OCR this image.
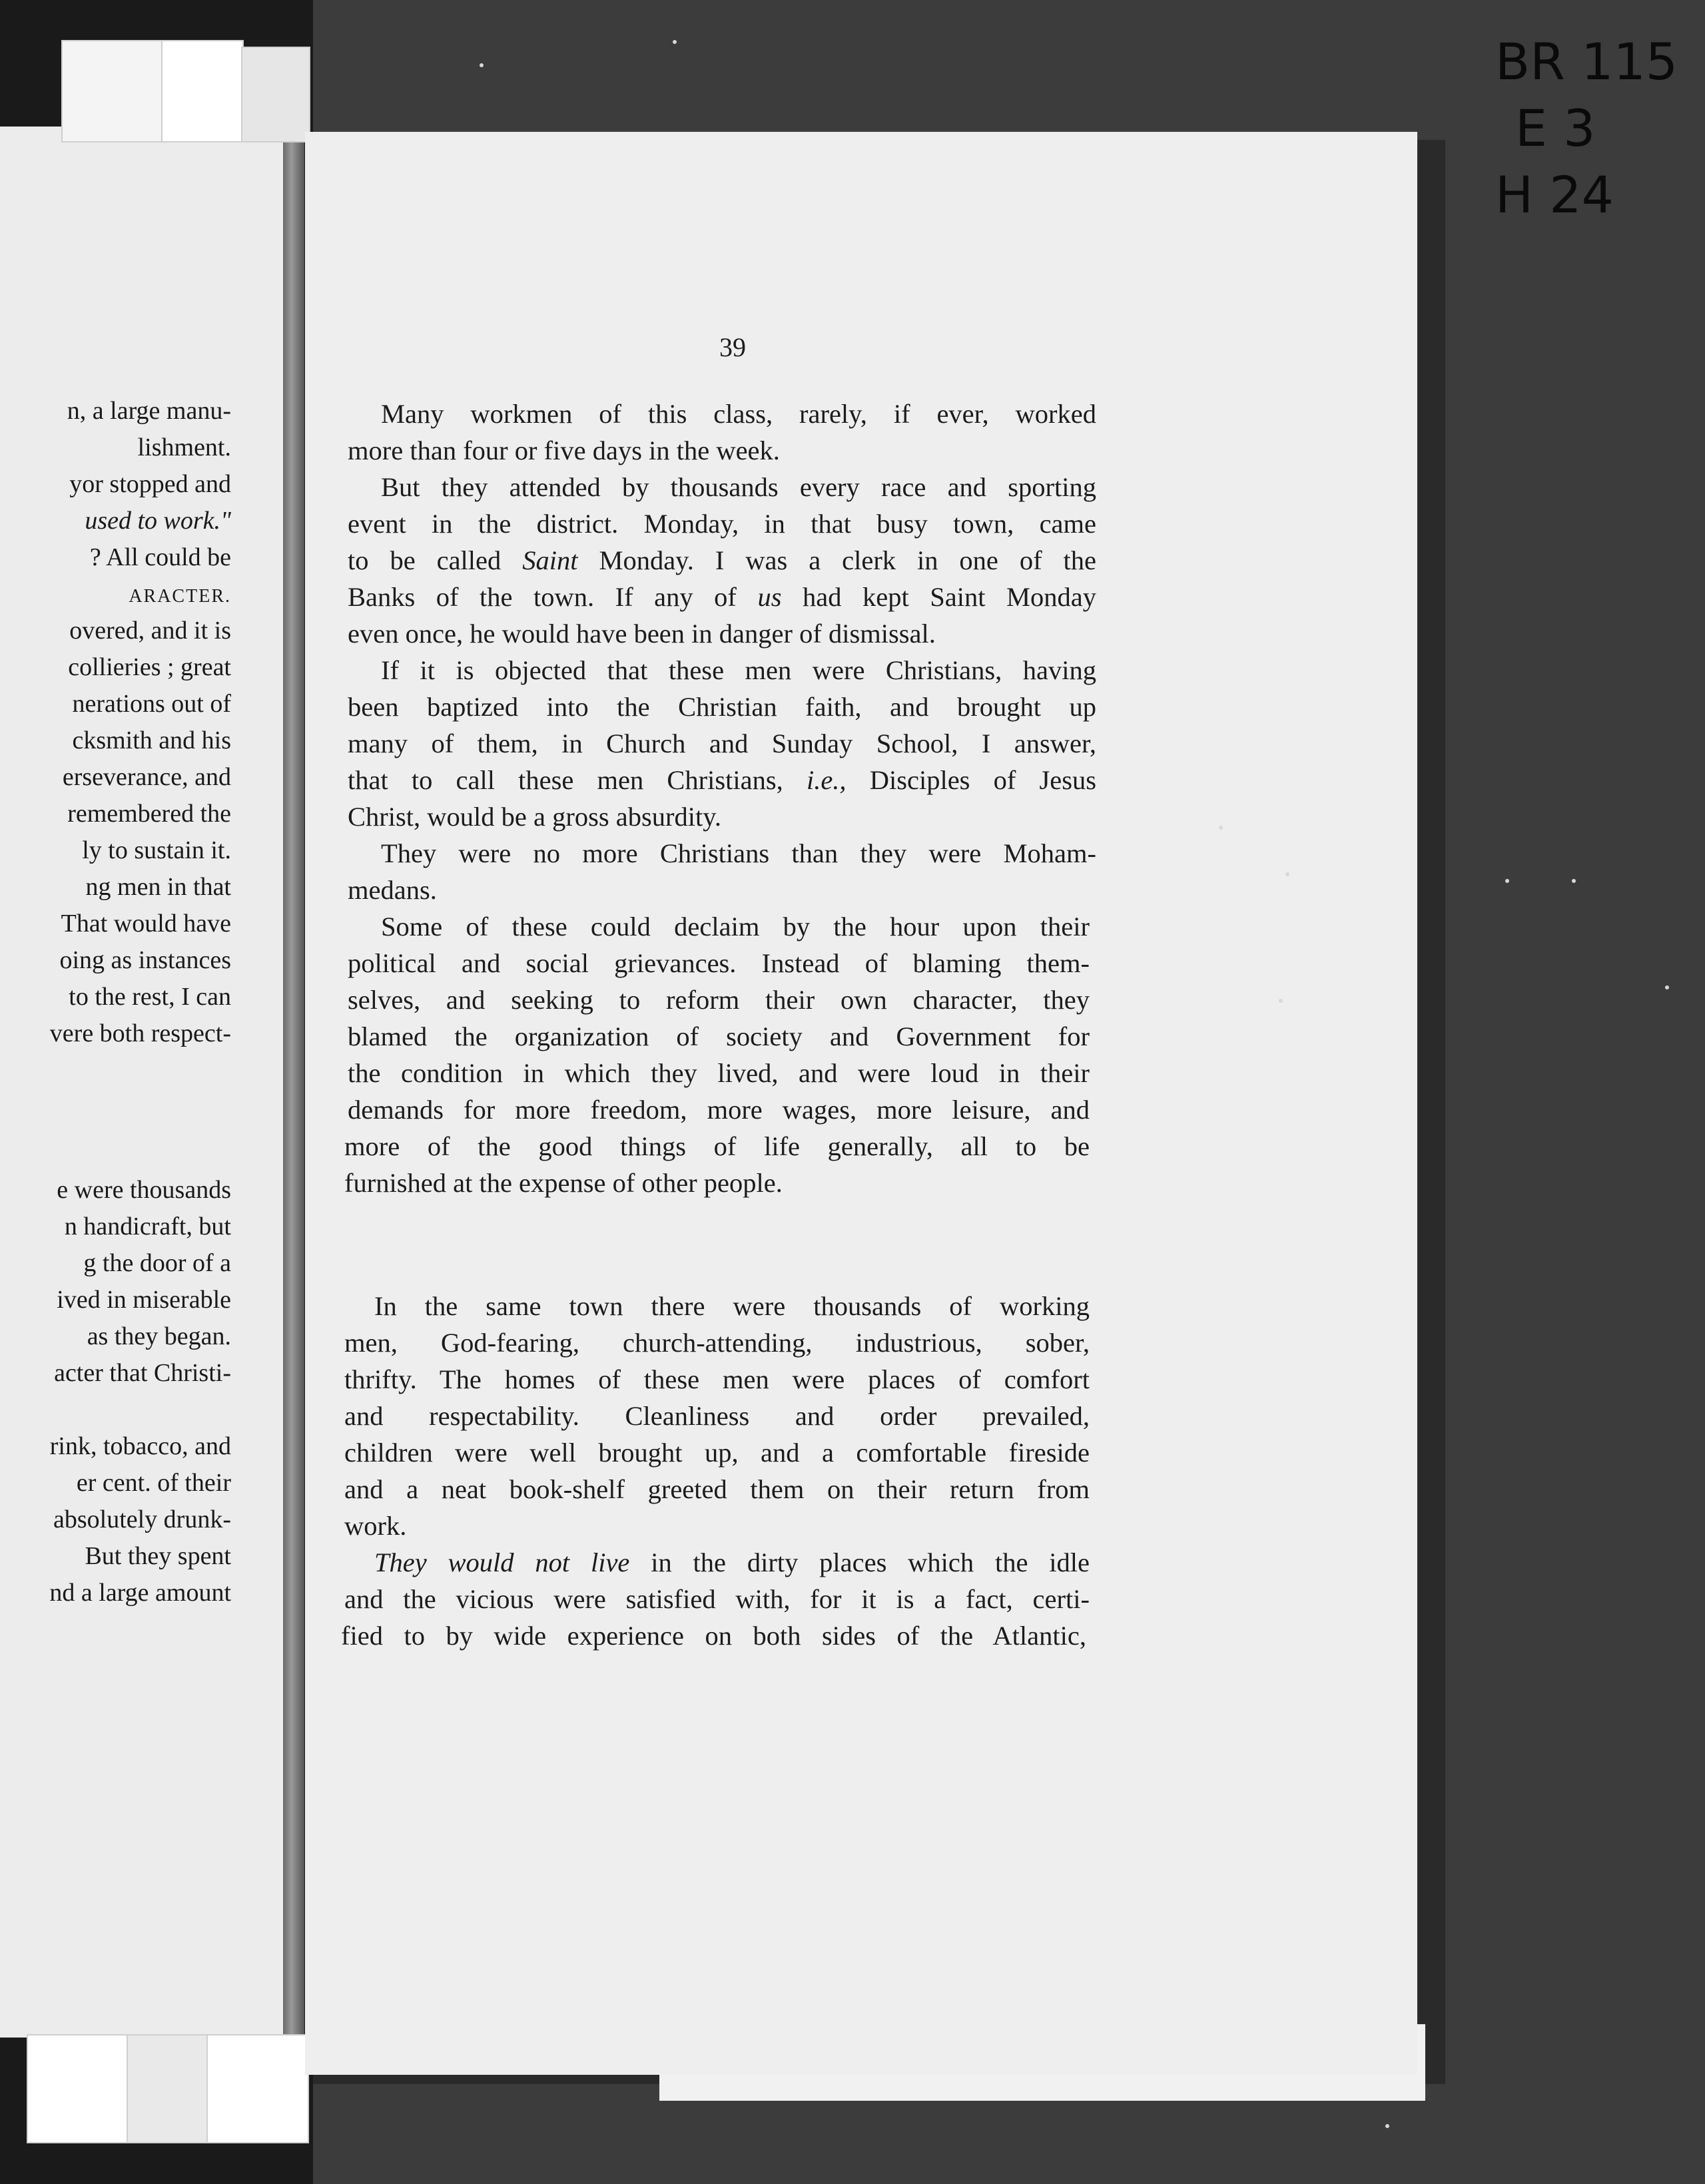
n, a large manu-
lishment.
yor stopped and
used to work."
? All could be
ARACTER.
overed, and it is
collieries ; great
nerations out of
cksmith and his
erseverance, and
remembered the
ly to sustain it.
ng men in that
That would have
oing as instances
to the rest, I can
vere both respect-
e were thousands
n handicraft, but
g the door of a
ived in miserable
as they began.
acter that Christi-
rink, tobacco, and
er cent. of their
absolutely drunk-
But they spent
nd a large amount
39
Many workmen of this class, rarely, if ever, worked
more than four or five days in the week.
But they attended by thousands every race and sporting
event in the district. Monday, in that busy town, came
to be called Saint Monday. I was a clerk in one of the
Banks of the town. If any of us had kept Saint Monday
even once, he would have been in danger of dismissal.
If it is objected that these men were Christians, having
been baptized into the Christian faith, and brought up
many of them, in Church and Sunday School, I answer,
that to call these men Christians, i.e., Disciples of Jesus
Christ, would be a gross absurdity.
They were no more Christians than they were Moham-
medans.
Some of these could declaim by the hour upon their
political and social grievances. Instead of blaming them-
selves, and seeking to reform their own character, they
blamed the organization of society and Government for
the condition in which they lived, and were loud in their
demands for more freedom, more wages, more leisure, and
more of the good things of life generally, all to be
furnished at the expense of other people.
In the same town there were thousands of working
men, God-fearing, church-attending, industrious, sober,
thrifty. The homes of these men were places of comfort
and respectability. Cleanliness and order prevailed,
children were well brought up, and a comfortable fireside
and a neat book-shelf greeted them on their return from
work.
They would not live in the dirty places which the idle
and the vicious were satisfied with, for it is a fact, certi-
fied to by wide experience on both sides of the Atlantic,
BR 115
E 3
H 24
